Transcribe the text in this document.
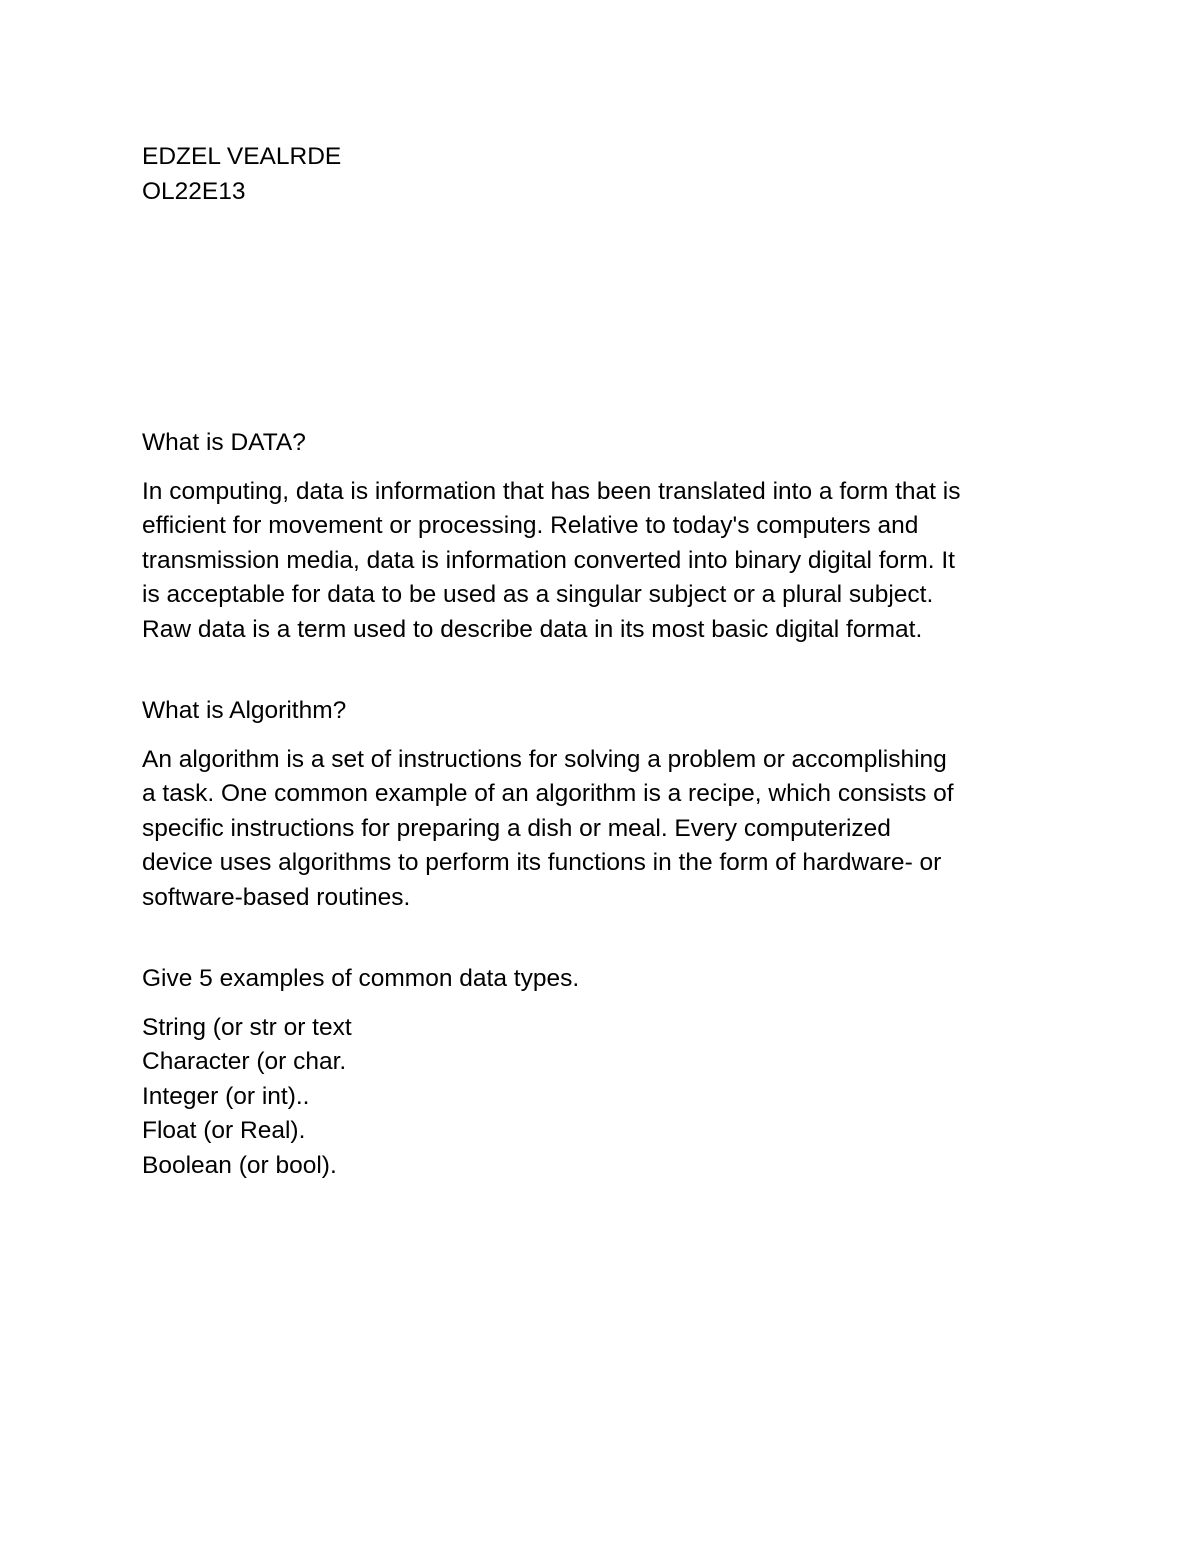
EDZEL VEALRDE
OL22E13
What is DATA?
In computing, data is information that has been translated into a form that is
efficient for movement or processing. Relative to today's computers and
transmission media, data is information converted into binary digital form. It
is acceptable for data to be used as a singular subject or a plural subject.
Raw data is a term used to describe data in its most basic digital format.
What is Algorithm?
An algorithm is a set of instructions for solving a problem or accomplishing
a task. One common example of an algorithm is a recipe, which consists of
specific instructions for preparing a dish or meal. Every computerized
device uses algorithms to perform its functions in the form of hardware- or
software-based routines.
Give 5 examples of common data types.
String (or str or text
Character (or char.
Integer (or int)..
Float (or Real).
Boolean (or bool).
